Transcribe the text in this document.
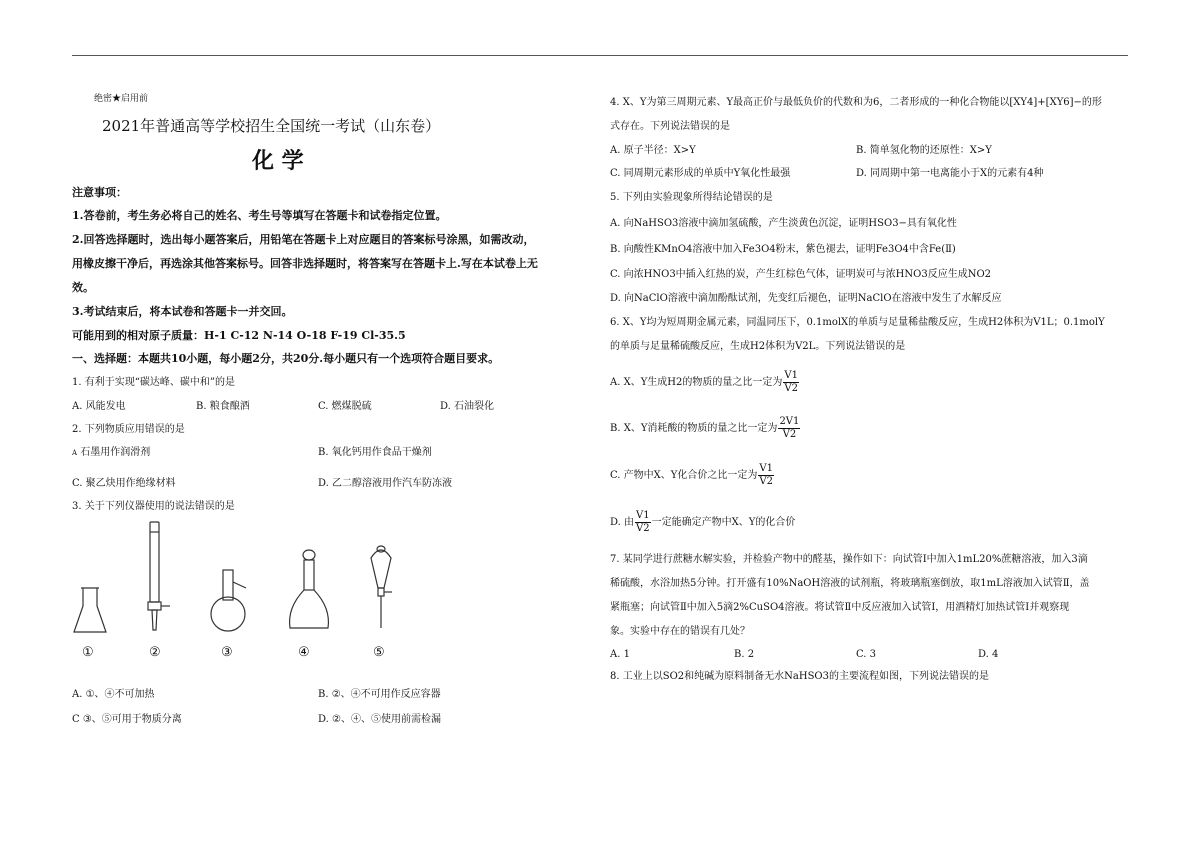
绝密★启用前
2021年普通高等学校招生全国统一考试（山东卷）
化 学
注意事项：
1.答卷前，考生务必将自己的姓名、考生号等填写在答题卡和试卷指定位置。
2.回答选择题时，选出每小题答案后，用铅笔在答题卡上对应题目的答案标号涂黑，如需改动，
用橡皮擦干净后，再选涂其他答案标号。回答非选择题时，将答案写在答题卡上.写在本试卷上无
效。
3.考试结束后，将本试卷和答题卡一并交回。
可能用到的相对原子质量：H-1 C-12 N-14 O-18 F-19 Cl-35.5
一、选择题：本题共10小题，每小题2分，共20分.每小题只有一个选项符合题目要求。
1. 有利于实现“碳达峰、碳中和”的是
A. 风能发电	B. 粮食酿酒	C. 燃煤脱硫	D. 石油裂化
2. 下列物质应用错误的是
$^A$ 石墨用作润滑剂	B. 氧化钙用作食品干燥剂
C. 聚乙炔用作绝缘材料	D. 乙二醇溶液用作汽车防冻液
3. 关于下列仪器使用的说法错误的是
①	②	③	④	⑤
A. ①、④不可加热	B. ②、④不可用作反应容器
C ③、⑤可用于物质分离	D. ②、④、⑤使用前需检漏
4. X、Y为第三周期元素、Y最高正价与最低负价的代数和为6，二者形成的一种化合物能以[XY4]+[XY6]−的形
式存在。下列说法错误的是
A. 原子半径：X>Y	B. 简单氢化物的还原性：X>Y
C. 同周期元素形成的单质中Y氧化性最强	D. 同周期中第一电离能小于X的元素有4种
5. 下列由实验现象所得结论错误的是
A. 向NaHSO3溶液中滴加氢硫酸，产生淡黄色沉淀，证明HSO3−具有氧化性
B. 向酸性KMnO4溶液中加入Fe3O4粉末，紫色褪去，证明Fe3O4中含Fe(Ⅱ)
C. 向浓HNO3中插入红热的炭，产生红棕色气体，证明炭可与浓HNO3反应生成NO2
D. 向NaClO溶液中滴加酚酞试剂，先变红后褪色，证明NaClO在溶液中发生了水解反应
6. X、Y均为短周期金属元素，同温同压下，0.1molX的单质与足量稀盐酸反应，生成H2体积为V1L；0.1molY
的单质与足量稀硫酸反应，生成H2体积为V2L。下列说法错误的是
A. X、Y生成H2的物质的量之比一定为 $\frac{V1}{V2}$
B. X、Y消耗酸的物质的量之比一定为 $\frac{2V1}{V2}$
C. 产物中X、Y化合价之比一定为 $\frac{V1}{V2}$
D. 由 $\frac{V1}{V2}$ 一定能确定产物中X、Y的化合价
7. 某同学进行蔗糖水解实验，并检验产物中的醛基，操作如下：向试管Ⅰ中加入1mL20%蔗糖溶液，加入3滴
稀硫酸，水浴加热5分钟。打开盛有10%NaOH溶液的试剂瓶，将玻璃瓶塞倒放，取1mL溶液加入试管Ⅱ，盖
紧瓶塞；向试管Ⅱ中加入5滴2%CuSO4溶液。将试管Ⅱ中反应液加入试管Ⅰ，用酒精灯加热试管Ⅰ并观察现
象。实验中存在的错误有几处？
A. 1	B. 2	C. 3	D. 4
8. 工业上以SO2和纯碱为原料制备无水NaHSO3的主要流程如图，下列说法错误的是
